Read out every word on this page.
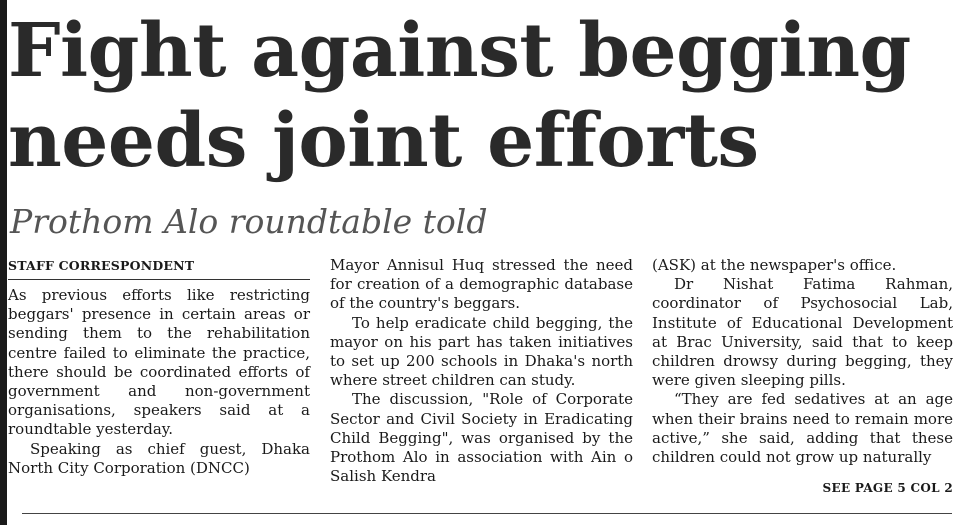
Fight against begging
needs joint efforts
Prothom Alo roundtable told
STAFF CORRESPONDENT

As previous efforts like restricting beggars' presence in certain areas or sending them to the rehabilitation centre failed to eliminate the practice, there should be coordinated efforts of government and non-government organisations, speakers said at a roundtable yesterday.

Speaking as chief guest, Dhaka North City Corporation (DNCC)

Mayor Annisul Huq stressed the need for creation of a demographic database of the country's beggars.

To help eradicate child begging, the mayor on his part has taken initiatives to set up 200 schools in Dhaka's north where street children can study.

The discussion, "Role of Corporate Sector and Civil Society in Eradicating Child Begging", was organised by the Prothom Alo in association with Ain o Salish Kendra

(ASK) at the newspaper's office.

Dr Nishat Fatima Rahman, coordinator of Psychosocial Lab, Institute of Educational Development at Brac University, said that to keep children drowsy during begging, they were given sleeping pills.

“They are fed sedatives at an age when their brains need to remain more active,” she said, adding that these children could not grow up naturally

SEE PAGE 5 COL 2
